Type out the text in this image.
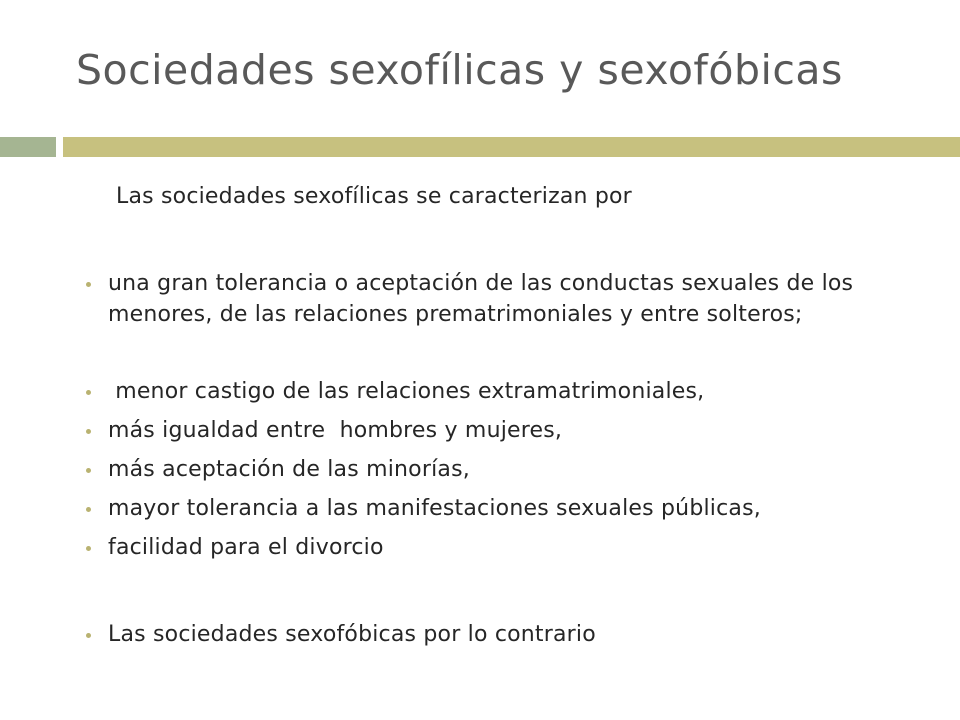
Sociedades sexofílicas y sexofóbicas

Las sociedades sexofílicas se caracterizan por

una gran tolerancia o aceptación de las conductas sexuales de los menores, de las relaciones prematrimoniales y entre solteros;
menor castigo de las relaciones extramatrimoniales,
más igualdad entre  hombres y mujeres,
más aceptación de las minorías,
mayor tolerancia a las manifestaciones sexuales públicas,
facilidad para el divorcio
Las sociedades sexofóbicas por lo contrario
